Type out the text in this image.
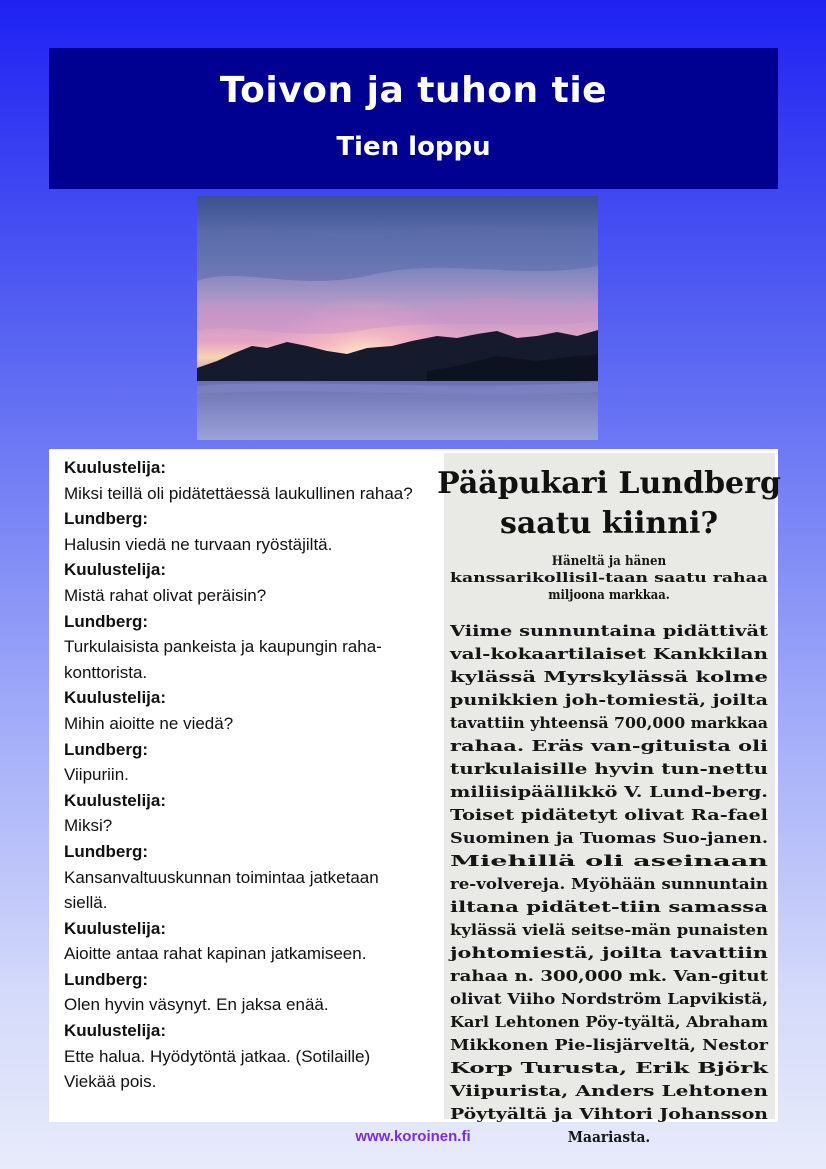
Toivon ja tuhon tie
Tien loppu
Kuulustelija:
Miksi teillä oli pidätettäessä laukullinen rahaa?
Lundberg:
Halusin viedä ne turvaan ryöstäjiltä.
Kuulustelija:
Mistä rahat olivat peräisin?
Lundberg:
Turkulaisista pankeista ja kaupungin raha-konttorista.
Kuulustelija:
Mihin aioitte ne viedä?
Lundberg:
Viipuriin.
Kuulustelija:
Miksi?
Lundberg:
Kansanvaltuuskunnan toimintaa jatketaan siellä.
Kuulustelija:
Aioitte antaa rahat kapinan jatkamiseen.
Lundberg:
Olen hyvin väsynyt. En jaksa enää.
Kuulustelija:
Ette halua. Hyödytöntä jatkaa. (Sotilaille) Viekää pois.
Pääpukari Lundberg
saatu kiinni?
Häneltä ja hänen
kanssarikollisil-taan saatu rahaa
miljoona markkaa.
Viime sunnuntaina pidättivät
val-kokaartilaiset Kankkilan
kylässä Myrskylässä kolme
punikkien joh-tomiestä, joilta
tavattiin yhteensä 700,000 markkaa
rahaa. Eräs van-gituista oli
turkulaisille hyvin tun-nettu
miliisipäällikkö V. Lund-berg.
Toiset pidätetyt olivat Ra-fael
Suominen ja Tuomas Suo-janen.
Miehillä oli aseinaan
re-volvereja. Myöhään sunnuntain
iltana pidätet-tiin samassa
kylässä vielä seitse-män punaisten
johtomiestä, joilta tavattiin
rahaa n. 300,000 mk. Van-gitut
olivat Viiho Nordström Lapvikistä,
Karl Lehtonen Pöy-tyältä, Abraham
Mikkonen Pie-lisjärveltä, Nestor
Korp Turusta, Erik Björk
Viipurista, Anders Lehtonen
Pöytyältä ja Vihtori Johansson
Maariasta.
www.koroinen.fi
